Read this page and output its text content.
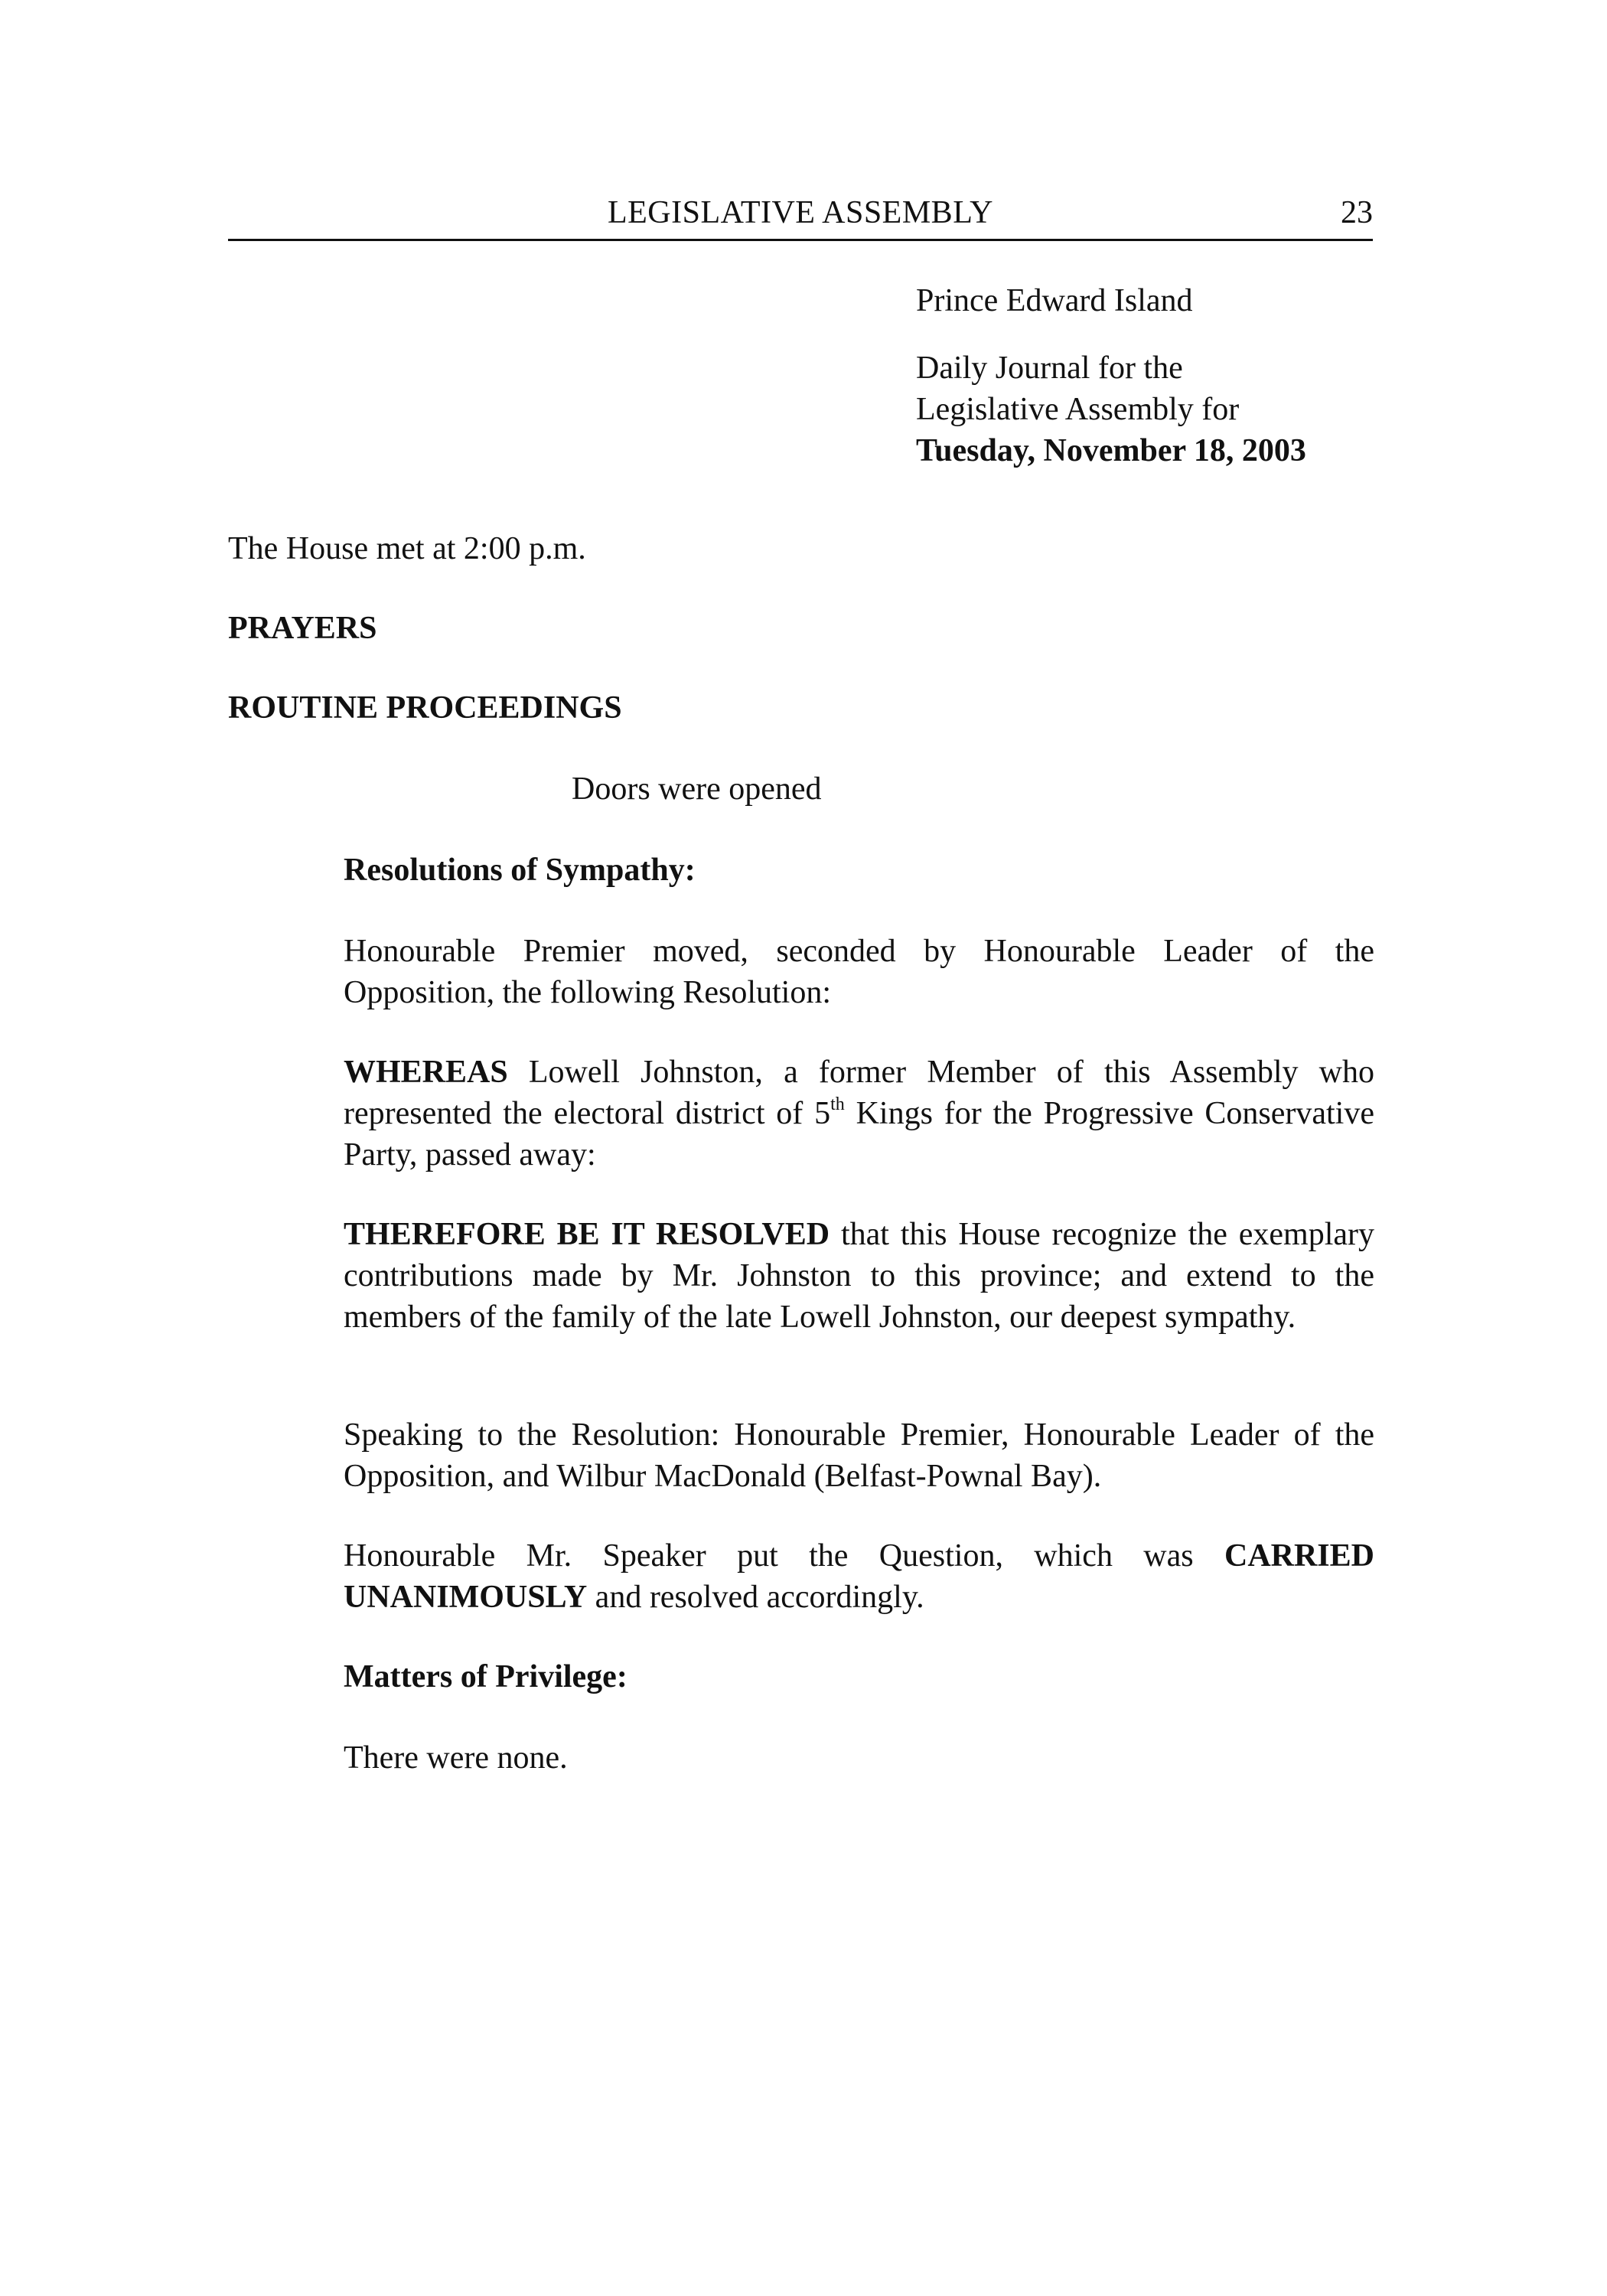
LEGISLATIVE ASSEMBLY	23
Prince Edward Island
Daily Journal for the
Legislative Assembly for
Tuesday, November 18, 2003

The House met at 2:00 p.m.

PRAYERS

ROUTINE PROCEEDINGS

Doors were opened

Resolutions of Sympathy:

Honourable Premier moved, seconded by Honourable Leader of the Opposition, the following Resolution:

WHEREAS Lowell Johnston, a former Member of this Assembly who represented the electoral district of 5th Kings for the Progressive Conservative Party, passed away:

THEREFORE BE IT RESOLVED that this House recognize the exemplary contributions made by Mr. Johnston to this province; and extend to the members of the family of the late Lowell Johnston, our deepest sympathy.

Speaking to the Resolution: Honourable Premier, Honourable Leader of the Opposition, and Wilbur MacDonald (Belfast-Pownal Bay).

Honourable Mr. Speaker put the Question, which was CARRIED UNANIMOUSLY and resolved accordingly.

Matters of Privilege:

There were none.
